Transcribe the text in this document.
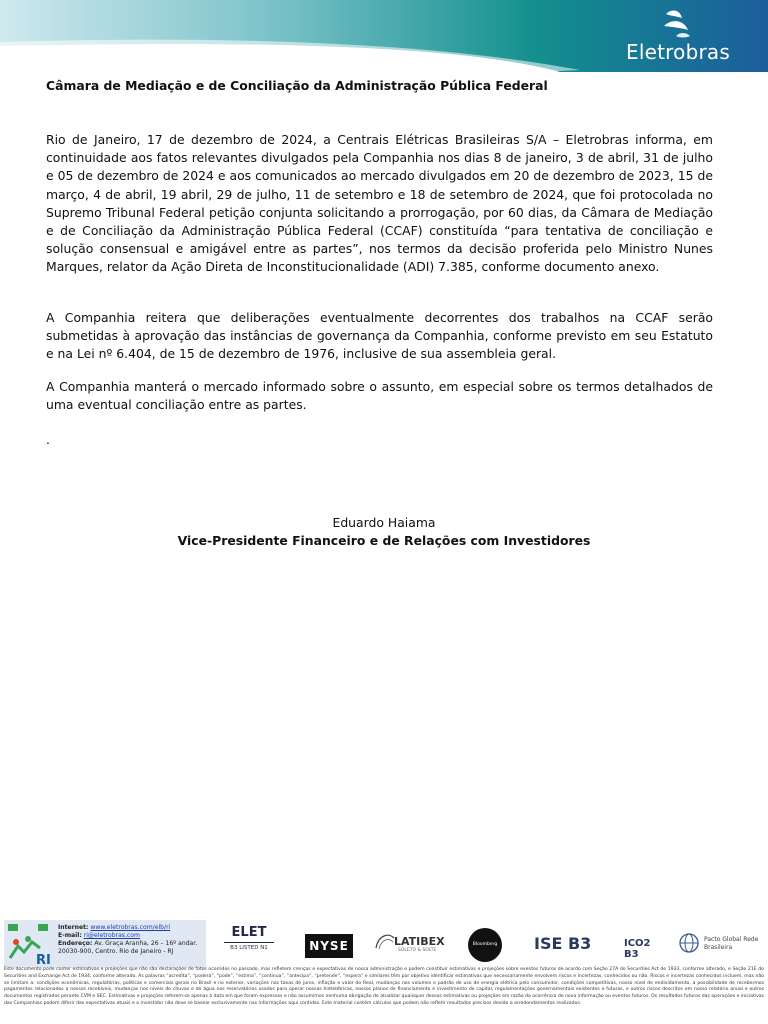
Eletrobras
Câmara de Mediação e de Conciliação da Administração Pública Federal
Rio de Janeiro, 17 de dezembro de 2024, a Centrais Elétricas Brasileiras S/A – Eletrobras informa, em continuidade aos fatos relevantes divulgados pela Companhia nos dias 8 de janeiro, 3 de abril, 31 de julho e 05 de dezembro de 2024 e aos comunicados ao mercado divulgados em 20 de dezembro de 2023, 15 de março, 4 de abril, 19 abril, 29 de julho, 11 de setembro e 18 de setembro de 2024, que foi protocolada no Supremo Tribunal Federal petição conjunta solicitando a prorrogação, por 60 dias, da Câmara de Mediação e de Conciliação da Administração Pública Federal (CCAF) constituída “para tentativa de conciliação e solução consensual e amigável entre as partes”, nos termos da decisão proferida pelo Ministro Nunes Marques, relator da Ação Direta de Inconstitucionalidade (ADI) 7.385, conforme documento anexo.
A Companhia reitera que deliberações eventualmente decorrentes dos trabalhos na CCAF serão submetidas à aprovação das instâncias de governança da Companhia, conforme previsto em seu Estatuto e na Lei nº 6.404, de 15 de dezembro de 1976, inclusive de sua assembleia geral.
A Companhia manterá o mercado informado sobre o assunto, em especial sobre os termos detalhados de uma eventual conciliação entre as partes.
.
Eduardo Haiama
Vice-Presidente Financeiro e de Relações com Investidores
RI
Internet: www.eletrobras.com/elb/ri
E-mail: ri@eletrobras.com
Endereço: Av. Graça Aranha, 26 – 16º andar. 20030-900, Centro. Rio de Janeiro - RJ
ELET
B3 LISTED N1	NYSE	LATIBEX
SOLETO & SOLTE
Bloomberg ISE B3	ICO2 B3
Pacto Global Rede Brasileira
Este documento pode conter estimativas e projeções que não são declarações de fatos ocorridos no passado, mas refletem crenças e expectativas de nossa administração e podem constituir estimativas e projeções sobre eventos futuros de acordo com Seção 27A do Securities Act de 1933, conforme alterado, e Seção 21E do Securities and Exchange Act de 1934, conforme alterado. As palavras “acredita”, “poderá”, “pode”, “estima”, “continua”, “antecipa”, “pretende”, “espera” e similares têm por objetivo identificar estimativas que necessariamente envolvem riscos e incertezas, conhecidos ou não. Riscos e incertezas conhecidos incluem, mas não se limitam a: condições econômicas, regulatórias, políticas e comerciais gerais no Brasil e no exterior, variações nas taxas de juros, inflação e valor do Real, mudanças nos volumes e padrão de uso de energia elétrica pelo consumidor, condições competitivas, nosso nível de endividamento, a possibilidade de recebermos pagamentos relacionados a nossos recebíveis, mudanças nos níveis de chuvas e de água nos reservatórios usados para operar nossas hidrelétricas, nossos planos de financiamento e investimento de capital, regulamentações governamentais existentes e futuras, e outros riscos descritos em nosso relatório anual e outros documentos registrados perante CVM e SEC. Estimativas e projeções referem-se apenas à data em que foram expressas e não assumimos nenhuma obrigação de atualizar quaisquer dessas estimativas ou projeções em razão da ocorrência de nova informação ou eventos futuros. Os resultados futuros das operações e iniciativas das Companhias podem diferir das expectativas atuais e o investidor não deve se basear exclusivamente nas informações aqui contidas. Este material contém cálculos que podem não refletir resultados precisos devido a arredondamentos realizados.
